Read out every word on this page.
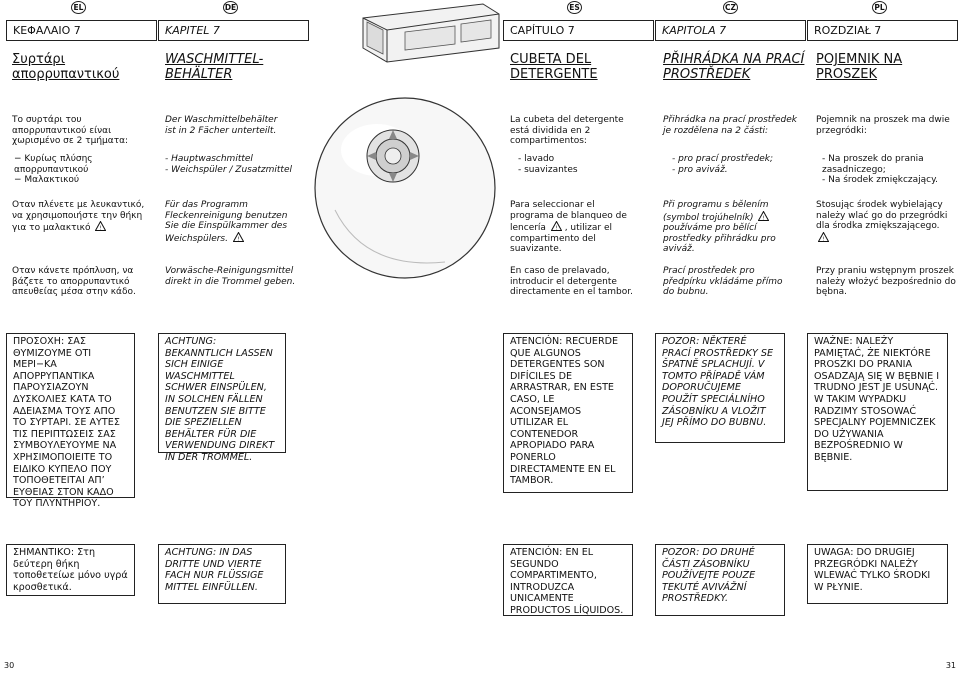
EL	DE	ES	CZ	PL
ΚΕΦΑΛΑΙΟ 7	KAPITEL 7	CAPÍTULO 7	KAPITOLA 7	ROZDZIAŁ 7
Συρτάρι απορρυπαντικού
WASCHMITTEL-BEHÄLTER
CUBETA DEL DETERGENTE
PŘIHRÁDKA NA PRACÍ PROSTŘEDEK
POJEMNIK NA PROSZEK
Το συρτάρι του απορρυπαντικού είναι χωρισμένο σε 2 τμήματα:
Der Waschmittelbehälter ist in 2 Fächer unterteilt.
La cubeta del detergente está dividida en 2 compartimentos:
Přihrádka na prací prostředek je rozdělena na 2 části:
Pojemnik na proszek ma dwie przegródki:
− Κυρίως πλύσης απορρυπαντικού
− Μαλακτικού
- Hauptwaschmittel
- Weichspüler / Zusatzmittel
- lavado
- suavizantes
- pro prací prostředek;
- pro aviváž.
- Na proszek do prania zasadniczego;
- Na środek zmiękczający.
Οταν πλένετε με λευκαντικό, να χρησιμοποιήστε την θήκη για το μαλακτικό !
Für das Programm Fleckenreinigung benutzen Sie die Einspülkammer des Weichspülers. !
Para seleccionar el programa de blanqueo de lencería ! , utilizar el compartimento del suavizante.
Při programu s bělením (symbol trojúhelník) !
používáme pro bělící prostředky přihrádku pro aviváž.
Stosując środek wybielający należy wlać go do przegródki dla środka zmiększającego.
!
Οταν κάνετε πρόπλυση, να βάζετε το απορρυπαντικό απευθείας μέσα στην κάδο.
Vorwäsche-Reinigungsmittel direkt in die Trommel geben.
En caso de prelavado, introducir el detergente directamente en el tambor.
Prací prostředek pro předpírku vkládáme přímo do bubnu.
Przy praniu wstępnym proszek należy włożyć bezpośrednio do bębna.
ΠΡΟΣΟΧΗ: ΣΑΣ ΘΥΜΙΖΟΥΜΕ ΟΤΙ ΜΕΡΙ−ΚΑ ΑΠΟΡΡΥΠΑΝΤΙΚΑ ΠΑΡΟΥΣΙΑΖΟΥΝ ΔΥΣΚΟΛΙΕΣ ΚΑΤΑ ΤΟ ΑΔΕΙΑΣΜΑ ΤΟΥΣ ΑΠΟ ΤΟ ΣΥΡΤΑΡΙ. ΣΕ ΑΥΤΕΣ ΤΙΣ ΠΕΡΙΠΤΩΣΕΙΣ ΣΑΣ ΣΥΜΒΟΥΛΕΥΟΥΜΕ ΝΑ ΧΡΗΣΙΜΟΠΟΙΕΙΤΕ ΤΟ ΕΙΔΙΚΟ ΚΥΠΕΛΟ ΠΟΥ ΤΟΠΟΘΕΤΕΙΤΑΙ ΑΠ’ ΕΥΘΕΙΑΣ ΣΤΟΝ ΚΑΔΟ ΤΟΥ ΠΛΥΝΤΗΡΙΟΥ.
ACHTUNG: BEKANNTLICH LASSEN SICH EINIGE WASCHMITTEL SCHWER EINSPÜLEN, IN SOLCHEN FÄLLEN BENUTZEN SIE BITTE DIE SPEZIELLEN BEHÄLTER FÜR DIE VERWENDUNG DIREKT IN DER TROMMEL.
ATENCIÓN: RECUERDE QUE ALGUNOS DETERGENTES SON DIFÍCILES DE ARRASTRAR, EN ESTE CASO, LE ACONSEJAMOS UTILIZAR EL CONTENEDOR APROPIADO PARA PONERLO DIRECTAMENTE EN EL TAMBOR.
POZOR: NĚKTERÉ PRACÍ PROSTŘEDKY SE ŠPATNĚ SPLACHUJÍ. V TOMTO PŘÍPADĚ VÁM DOPORUČUJEME POUŽÍT SPECIÁLNÍHO ZÁSOBNÍKU A VLOŽIT JEJ PŘÍMO DO BUBNU.
WAŻNE: NALEŻY PAMIĘTAĆ, ŻE NIEKTÓRE PROSZKI DO PRANIA OSADZAJĄ SIĘ W BĘBNIE I TRUDNO JEST JE USUNĄĆ. W TAKIM WYPADKU RADZIMY STOSOWAĆ SPECJALNY POJEMNICZEK DO UŻYWANIA BEZPOŚREDNIO W BĘBNIE.
ΣΗΜΑΝΤΙΚΟ: Στη δεύτερη θήκη τοποθετείωε μόνο υγρά κροσθετικά.
ACHTUNG: IN DAS DRITTE UND VIERTE FACH NUR FLÜSSIGE MITTEL EINFÜLLEN.
ATENCIÓN: EN EL SEGUNDO COMPARTIMENTO, INTRODUZCA UNICAMENTE PRODUCTOS LÍQUIDOS.
POZOR: DO DRUHÉ ČÁSTI ZÁSOBNÍKU POUŽÍVEJTE POUZE TEKUTÉ AVIVÁŽNÍ PROSTŘEDKY.
UWAGA: DO DRUGIEJ PRZEGRÓDKI NALEŻY WLEWAĆ TYLKO ŚRODKI W PŁYNIE.
30	31
